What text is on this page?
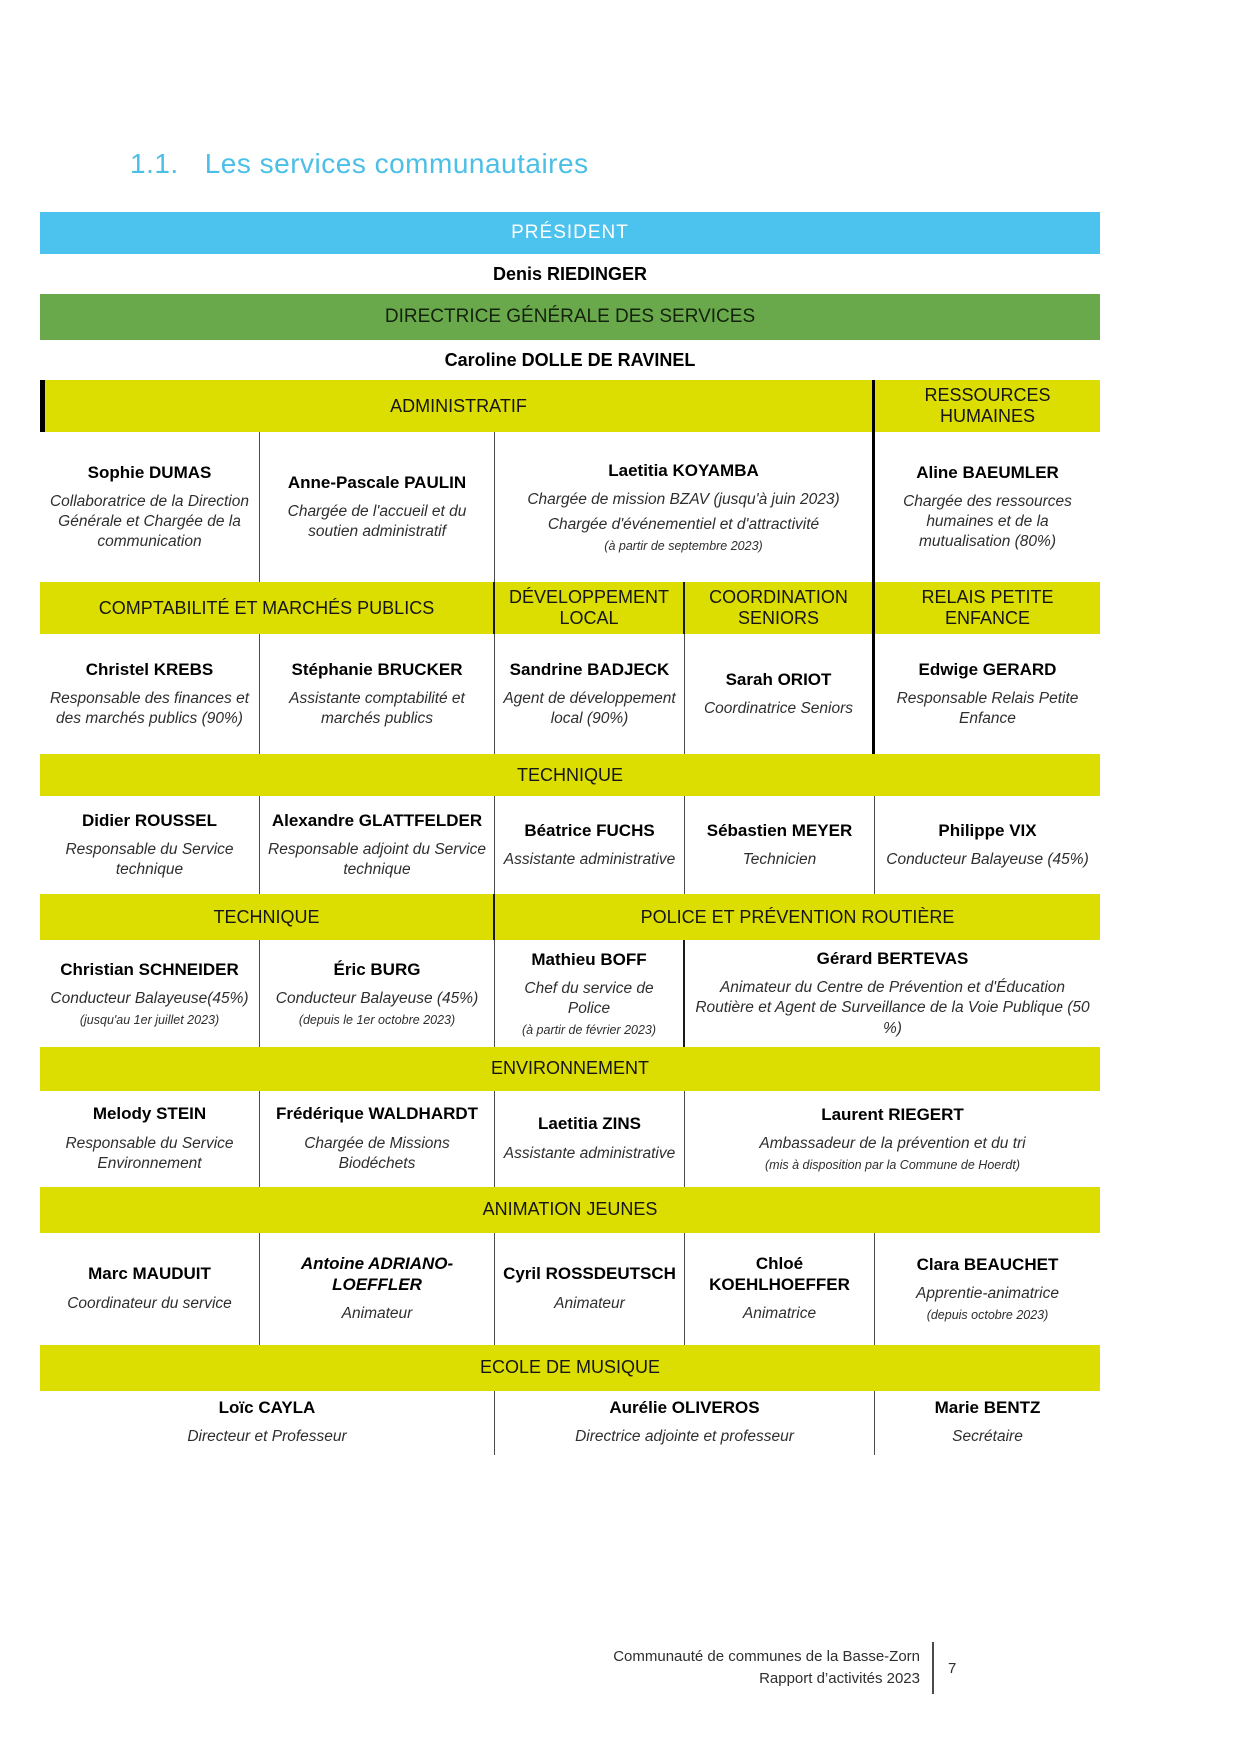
1.1. Les services communautaires
PRÉSIDENT
Denis RIEDINGER
DIRECTRICE GÉNÉRALE DES SERVICES
Caroline DOLLE DE RAVINEL
ADMINISTRATIF
RESSOURCES HUMAINES
Sophie DUMAS
Collaboratrice de la Direction Générale et Chargée de la communication
Anne-Pascale PAULIN
Chargée de l'accueil et du soutien administratif
Laetitia KOYAMBA
Chargée de mission BZAV (jusqu'à juin 2023)
Chargée d'événementiel et d'attractivité
(à partir de septembre 2023)
Aline BAEUMLER
Chargée des ressources humaines et de la mutualisation (80%)
COMPTABILITÉ ET MARCHÉS PUBLICS
DÉVELOPPEMENT LOCAL
COORDINATION SENIORS
RELAIS PETITE ENFANCE
Christel KREBS
Responsable des finances et des marchés publics (90%)
Stéphanie BRUCKER
Assistante comptabilité et marchés publics
Sandrine BADJECK
Agent de développement local (90%)
Sarah ORIOT
Coordinatrice Seniors
Edwige GERARD
Responsable Relais Petite Enfance
TECHNIQUE
Didier ROUSSEL
Responsable du Service technique
Alexandre GLATTFELDER
Responsable adjoint du Service technique
Béatrice FUCHS
Assistante administrative
Sébastien MEYER
Technicien
Philippe VIX
Conducteur Balayeuse (45%)
TECHNIQUE	POLICE ET PRÉVENTION ROUTIÈRE
Christian SCHNEIDER
Conducteur Balayeuse(45%)
(jusqu'au 1er juillet 2023)
Éric BURG
Conducteur Balayeuse (45%)
(depuis le 1er octobre 2023)
Mathieu BOFF
Chef du service de Police
(à partir de février 2023)
Gérard BERTEVAS
Animateur du Centre de Prévention et d'Éducation Routière et Agent de Surveillance de la Voie Publique (50 %)
ENVIRONNEMENT
Melody STEIN
Responsable du Service Environnement
Frédérique WALDHARDT
Chargée de Missions Biodéchets
Laetitia ZINS
Assistante administrative
Laurent RIEGERT
Ambassadeur de la prévention et du tri
(mis à disposition par la Commune de Hoerdt)
ANIMATION JEUNES
Marc MAUDUIT
Coordinateur du service
Antoine ADRIANO-LOEFFLER
Animateur
Cyril ROSSDEUTSCH
Animateur
Chloé KOEHLHOEFFER
Animatrice
Clara BEAUCHET
Apprentie-animatrice
(depuis octobre 2023)
ECOLE DE MUSIQUE
Loïc CAYLA
Directeur et Professeur
Aurélie OLIVEROS
Directrice adjointe et professeur
Marie BENTZ
Secrétaire
Communauté de communes de la Basse-Zorn
Rapport d’activités 2023
7
